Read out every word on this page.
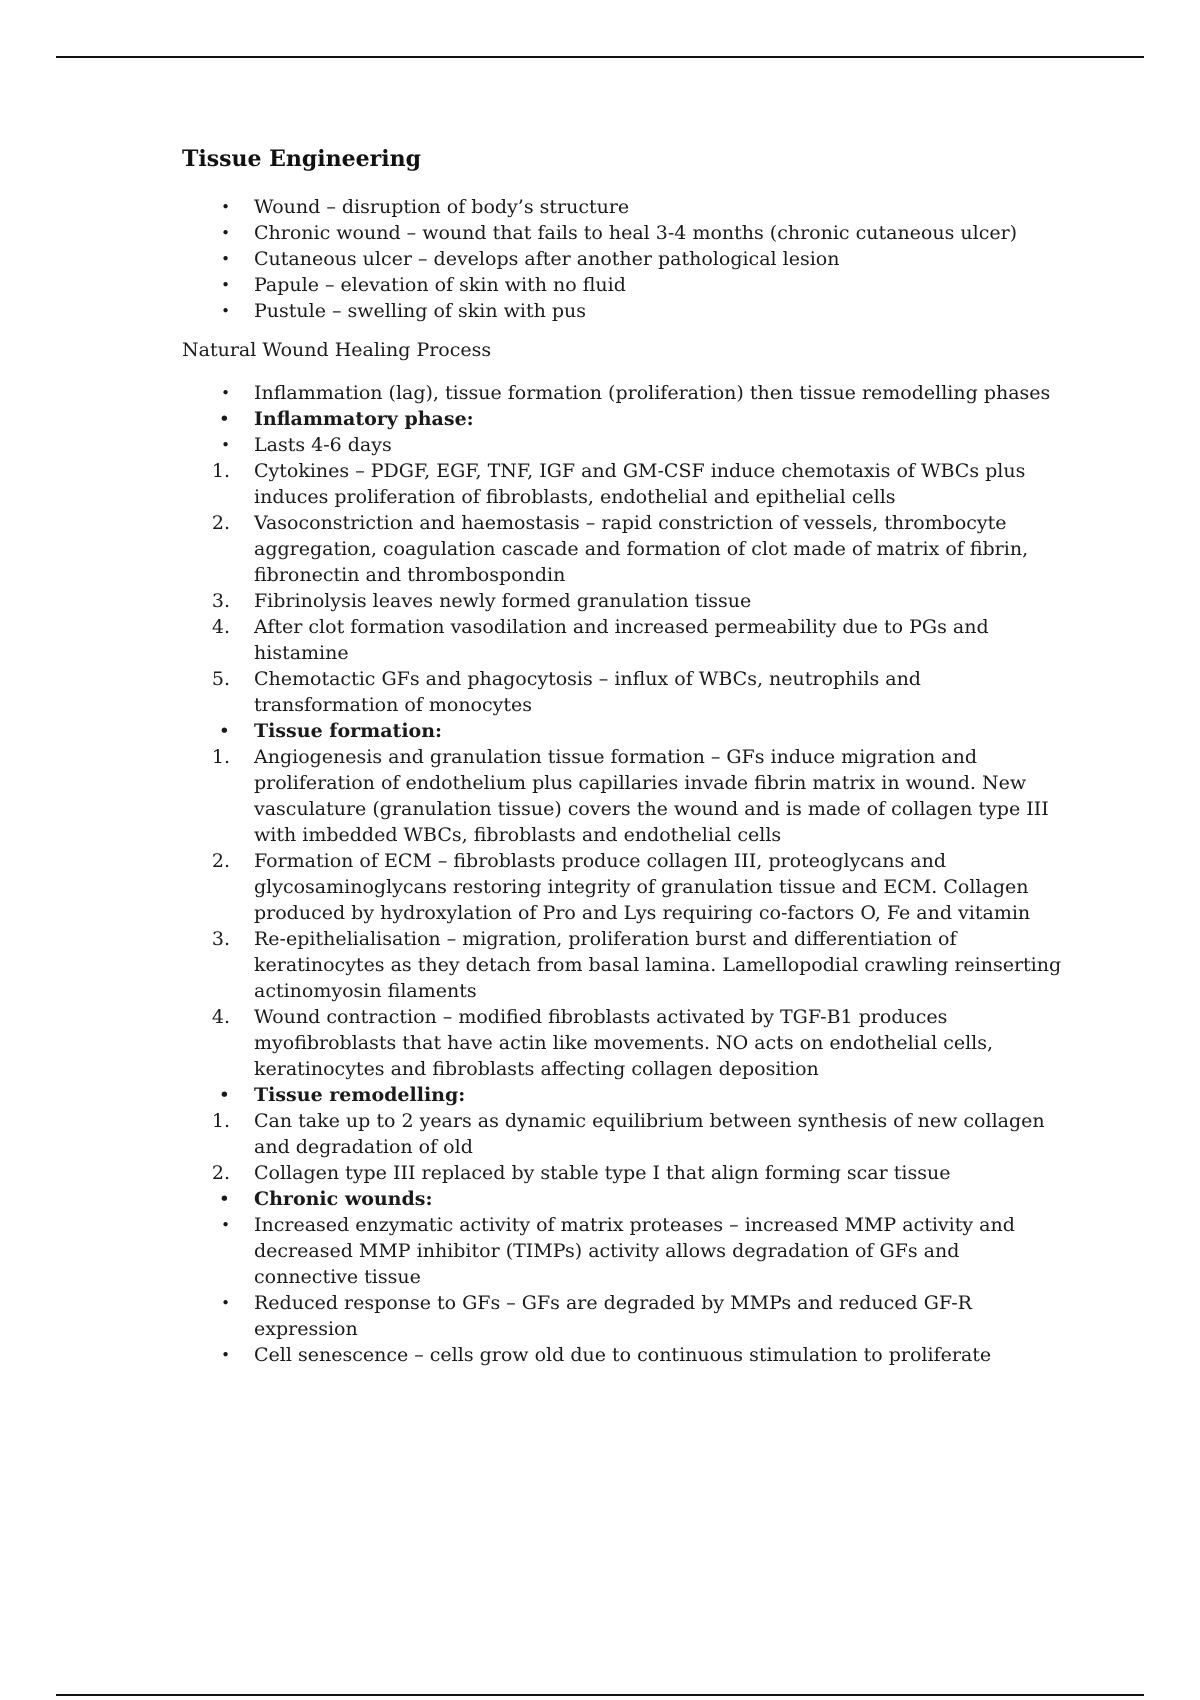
Tissue Engineering
• Wound – disruption of body’s structure
• Chronic wound – wound that fails to heal 3-4 months (chronic cutaneous ulcer)
• Cutaneous ulcer – develops after another pathological lesion
• Papule – elevation of skin with no fluid
• Pustule – swelling of skin with pus

Natural Wound Healing Process

• Inflammation (lag), tissue formation (proliferation) then tissue remodelling phases
• Inflammatory phase:
• Lasts 4-6 days
1. Cytokines – PDGF, EGF, TNF, IGF and GM-CSF induce chemotaxis of WBCs plus induces proliferation of fibroblasts, endothelial and epithelial cells
2. Vasoconstriction and haemostasis – rapid constriction of vessels, thrombocyte aggregation, coagulation cascade and formation of clot made of matrix of fibrin, fibronectin and thrombospondin
3. Fibrinolysis leaves newly formed granulation tissue
4. After clot formation vasodilation and increased permeability due to PGs and histamine
5. Chemotactic GFs and phagocytosis – influx of WBCs, neutrophils and transformation of monocytes
• Tissue formation:
1. Angiogenesis and granulation tissue formation – GFs induce migration and proliferation of endothelium plus capillaries invade fibrin matrix in wound. New vasculature (granulation tissue) covers the wound and is made of collagen type III with imbedded WBCs, fibroblasts and endothelial cells
2. Formation of ECM – fibroblasts produce collagen III, proteoglycans and glycosaminoglycans restoring integrity of granulation tissue and ECM. Collagen produced by hydroxylation of Pro and Lys requiring co-factors O, Fe and vitamin
3. Re-epithelialisation – migration, proliferation burst and differentiation of keratinocytes as they detach from basal lamina. Lamellopodial crawling reinserting actinomyosin filaments
4. Wound contraction – modified fibroblasts activated by TGF-B1 produces myofibroblasts that have actin like movements. NO acts on endothelial cells, keratinocytes and fibroblasts affecting collagen deposition
• Tissue remodelling:
1. Can take up to 2 years as dynamic equilibrium between synthesis of new collagen and degradation of old
2. Collagen type III replaced by stable type I that align forming scar tissue
• Chronic wounds:
• Increased enzymatic activity of matrix proteases – increased MMP activity and decreased MMP inhibitor (TIMPs) activity allows degradation of GFs and connective tissue
• Reduced response to GFs – GFs are degraded by MMPs and reduced GF-R expression
• Cell senescence – cells grow old due to continuous stimulation to proliferate
